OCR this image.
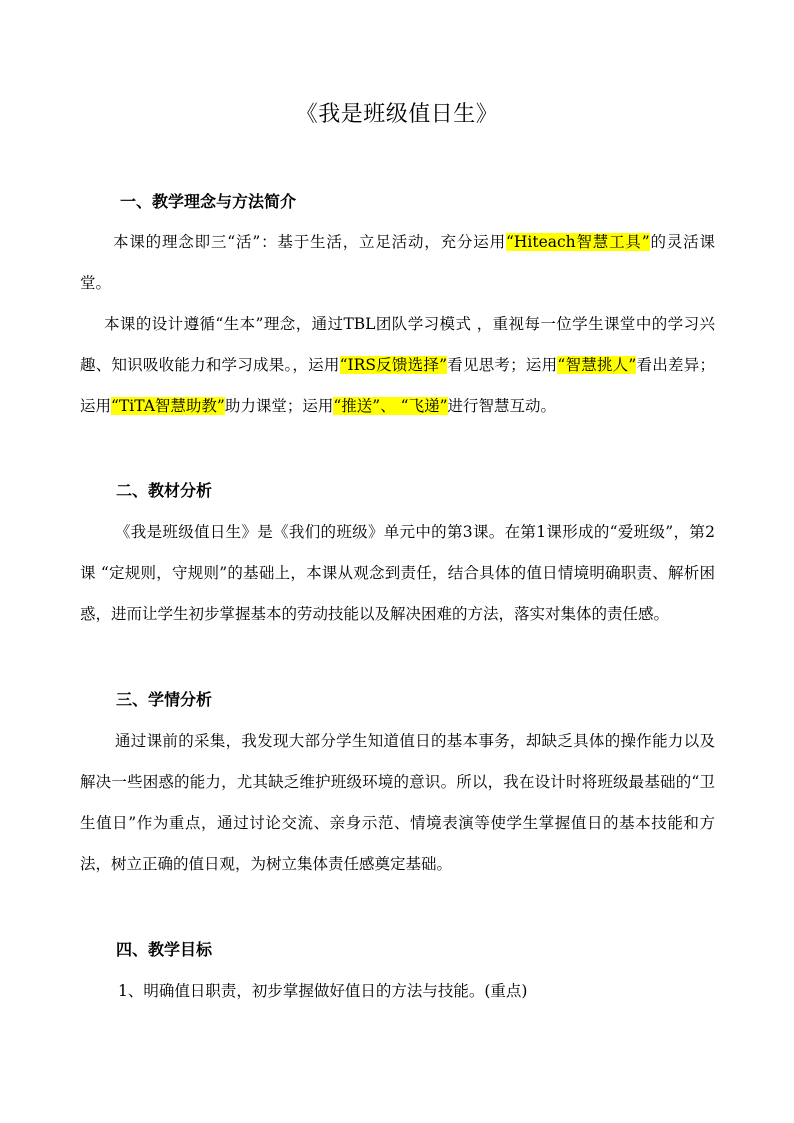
《我是班级值日生》
一、教学理念与方法简介
本课的理念即三“活”：基于生活，立足活动，充分运用“Hiteach智慧工具”的灵活课堂。
本课的设计遵循“生本”理念，通过TBL团队学习模式 ，重视每一位学生课堂中的学习兴趣、知识吸收能力和学习成果。，运用“IRS反馈选择”看见思考；运用“智慧挑人”看出差异；运用“TiTA智慧助教”助力课堂；运用“推送”、 “飞递”进行智慧互动。
二、教材分析
《我是班级值日生》是《我们的班级》单元中的第3课。在第1课形成的“爱班级”，第2课 “定规则，守规则”的基础上，本课从观念到责任，结合具体的值日情境明确职责、解析困惑，进而让学生初步掌握基本的劳动技能以及解决困难的方法，落实对集体的责任感。
三、学情分析
通过课前的采集，我发现大部分学生知道值日的基本事务，却缺乏具体的操作能力以及解决一些困惑的能力，尤其缺乏维护班级环境的意识。所以，我在设计时将班级最基础的“卫生值日”作为重点，通过讨论交流、亲身示范、情境表演等使学生掌握值日的基本技能和方法，树立正确的值日观，为树立集体责任感奠定基础。
四、教学目标
1、明确值日职责，初步掌握做好值日的方法与技能。(重点)
